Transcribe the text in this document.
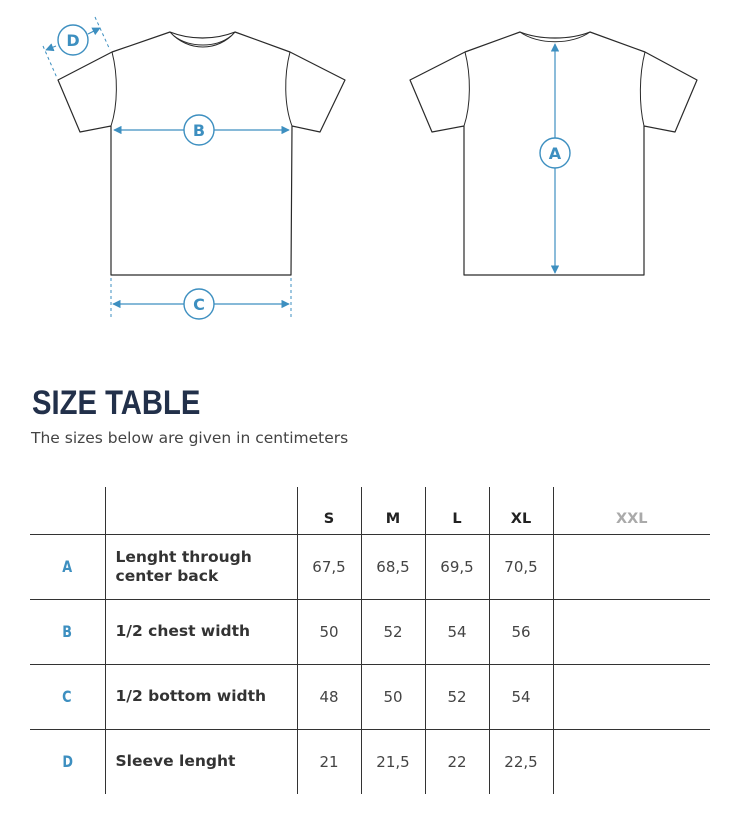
B
C
D
A
SIZE TABLE

The sizes below are given in centimeters

		S	M	L	XL	XXL
A	Lenght through
center back	67,5	68,5	69,5	70,5	
B	1/2 chest width	50	52	54	56	
C	1/2 bottom width	48	50	52	54	
D	Sleeve lenght	21	21,5	22	22,5	
